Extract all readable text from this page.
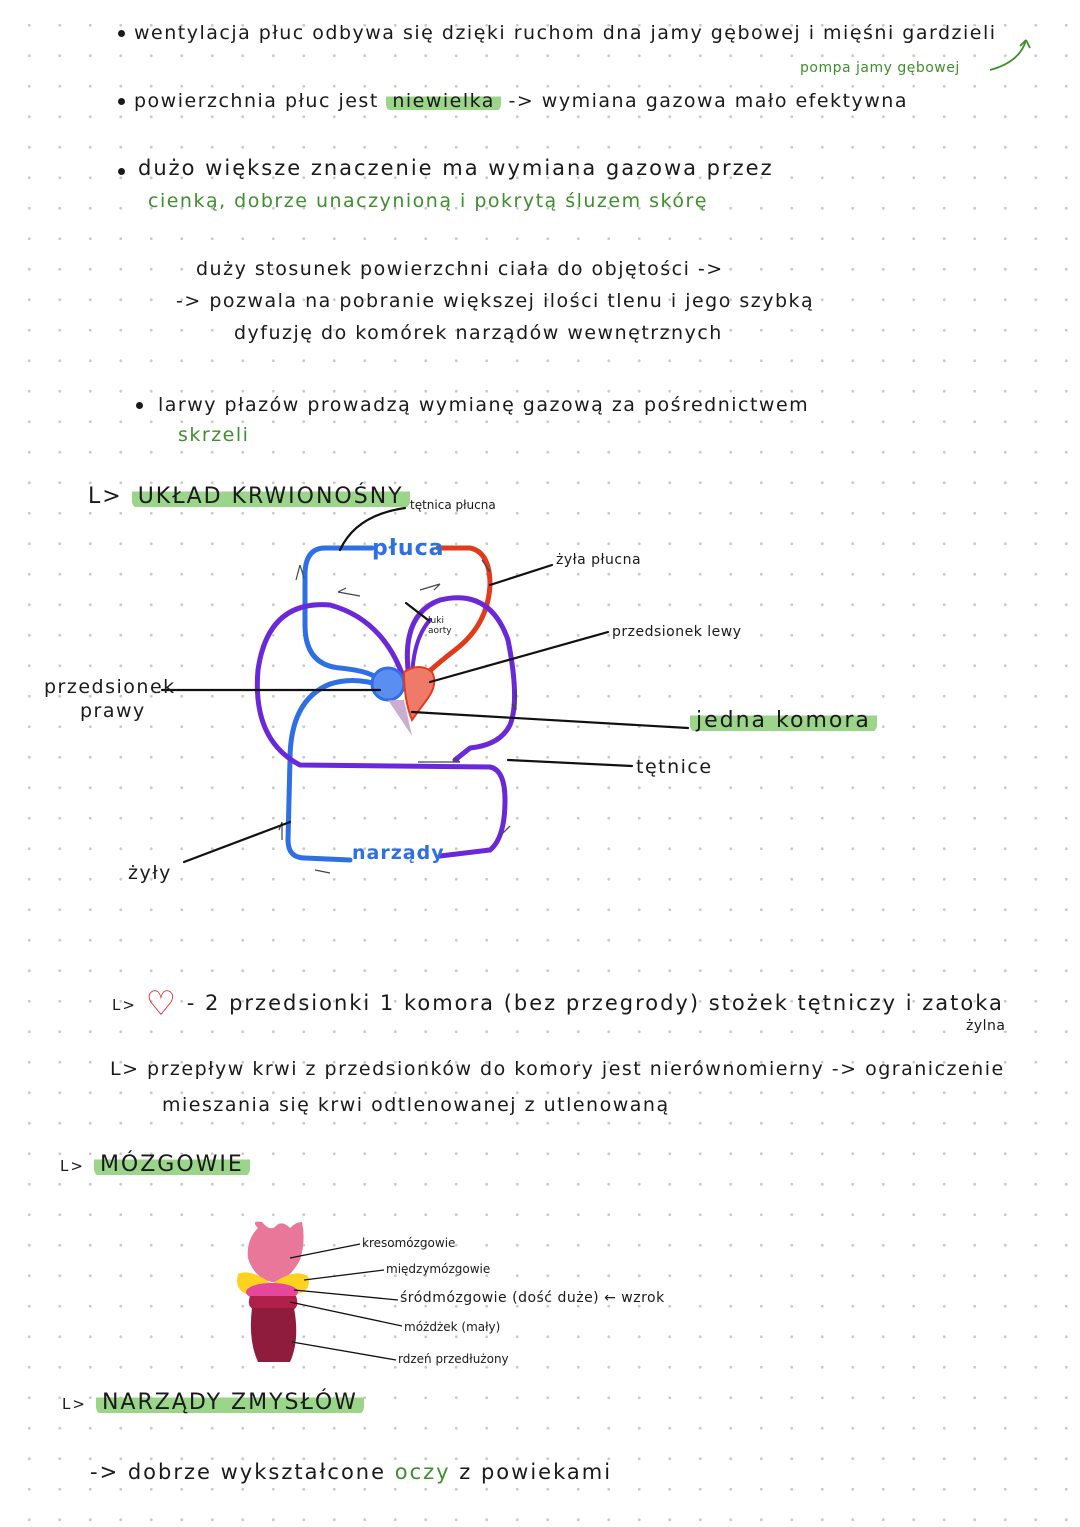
wentylacja płuc odbywa się dzięki ruchom dna jamy gębowej i mięśni gardzieli
pompa jamy gębowej
powierzchnia płuc jest niewielka -> wymiana gazowa mało efektywna
dużo większe znaczenie ma wymiana gazowa przez
cienką, dobrze unaczynioną i pokrytą śluzem skórę
duży stosunek powierzchni ciała do objętości ->
-> pozwala na pobranie większej ilości tlenu i jego szybką
dyfuzję do komórek narządów wewnętrznych
larwy płazów prowadzą wymianę gazową za pośrednictwem
skrzeli
L> UKŁAD KRWIONOŚNY tętnica płucna
płuca	żyła płucna
łuki aorty	przedsionek lewy
przedsionek
prawy	jedna komora
tętnice
żyły
narządy
L> ♡ - 2 przedsionki 1 komora (bez przegrody) stożek tętniczy i zatoka
żylna
L> przepływ krwi z przedsionków do komory jest nierównomierny -> ograniczenie
mieszania się krwi odtlenowanej z utlenowaną
L> MÓZGOWIE
kresomózgowie
międzymózgowie
śródmózgowie (dość duże) ← wzrok
móżdżek (mały)
rdzeń przedłużony
L> NARZĄDY ZMYSŁÓW
-> dobrze wykształcone oczy z powiekami
